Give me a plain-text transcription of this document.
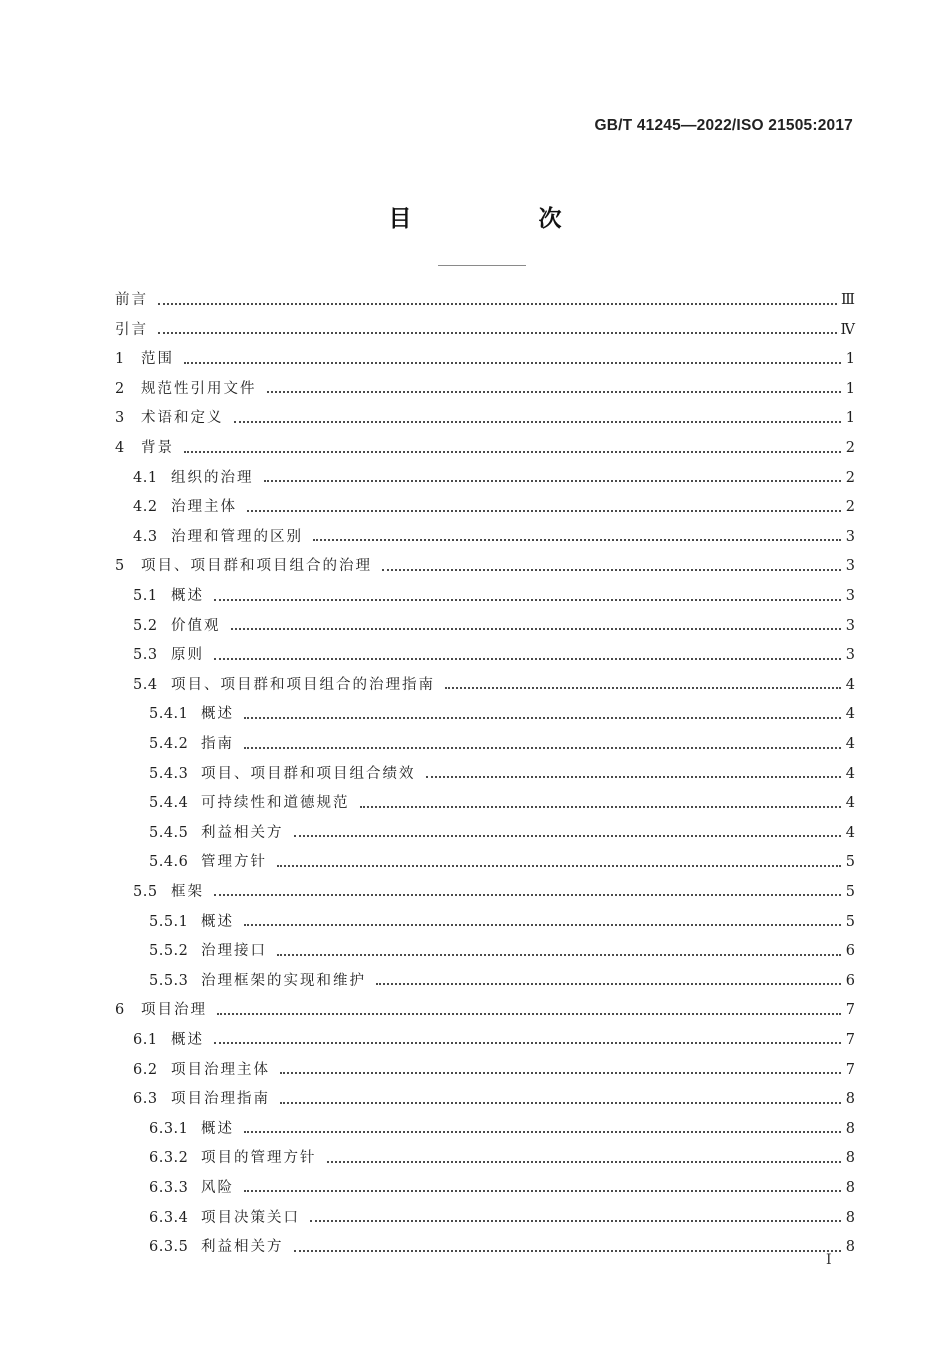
GB/T 41245—2022/ISO 21505:2017
目　次
前言	Ⅲ
引言	Ⅳ
1	范围	1
2	规范性引用文件	1
3	术语和定义	1
4	背景	2
4.1 组织的治理	2
4.2 治理主体	2
4.3 治理和管理的区别	3
5	项目、项目群和项目组合的治理	3
5.1 概述	3
5.2 价值观	3
5.3 原则	3
5.4 项目、项目群和项目组合的治理指南	4
5.4.1 概述	4
5.4.2 指南	4
5.4.3 项目、项目群和项目组合绩效	4
5.4.4 可持续性和道德规范	4
5.4.5 利益相关方	4
5.4.6 管理方针	5
5.5 框架	5
5.5.1 概述	5
5.5.2 治理接口	6
5.5.3 治理框架的实现和维护	6
6	项目治理	7
6.1 概述	7
6.2 项目治理主体	7
6.3 项目治理指南	8
6.3.1 概述	8
6.3.2 项目的管理方针	8
6.3.3 风险	8
6.3.4 项目决策关口	8
6.3.5 利益相关方	8
I
